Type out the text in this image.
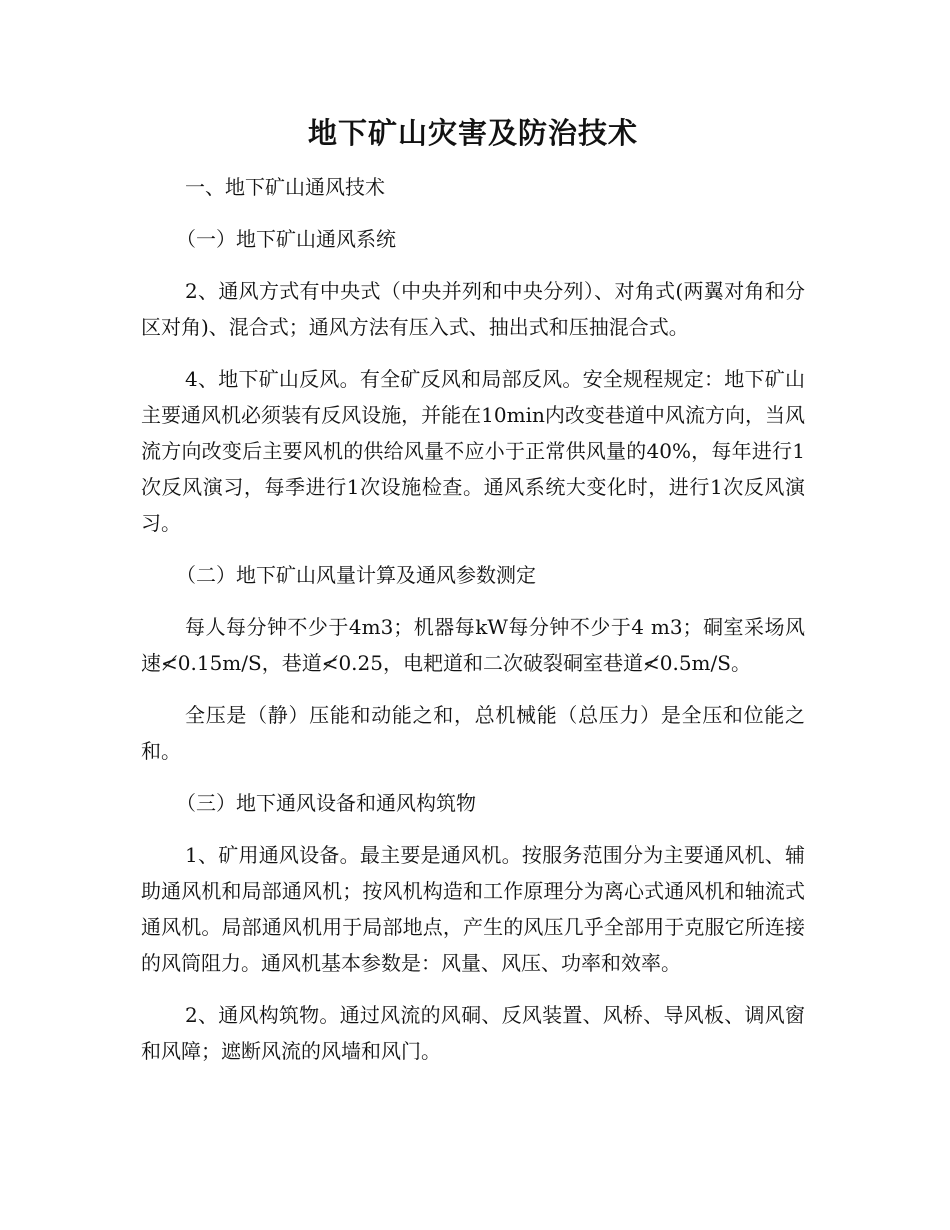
地下矿山灾害及防治技术
一、地下矿山通风技术
（一）地下矿山通风系统
2、通风方式有中央式（中央并列和中央分列）、对角式(两翼对角和分区对角)、混合式；通风方法有压入式、抽出式和压抽混合式。
4、地下矿山反风。有全矿反风和局部反风。安全规程规定：地下矿山主要通风机必须装有反风设施，并能在10min内改变巷道中风流方向，当风流方向改变后主要风机的供给风量不应小于正常供风量的40%，每年进行1次反风演习，每季进行1次设施检查。通风系统大变化时，进行1次反风演习。
（二）地下矿山风量计算及通风参数测定
每人每分钟不少于4m3；机器每kW每分钟不少于4 m3；硐室采场风速≮0.15m/S，巷道≮0.25，电耙道和二次破裂硐室巷道≮0.5m/S。
全压是（静）压能和动能之和，总机械能（总压力）是全压和位能之和。
（三）地下通风设备和通风构筑物
1、矿用通风设备。最主要是通风机。按服务范围分为主要通风机、辅助通风机和局部通风机；按风机构造和工作原理分为离心式通风机和轴流式通风机。局部通风机用于局部地点，产生的风压几乎全部用于克服它所连接的风筒阻力。通风机基本参数是：风量、风压、功率和效率。
2、通风构筑物。通过风流的风硐、反风装置、风桥、导风板、调风窗和风障；遮断风流的风墙和风门。
